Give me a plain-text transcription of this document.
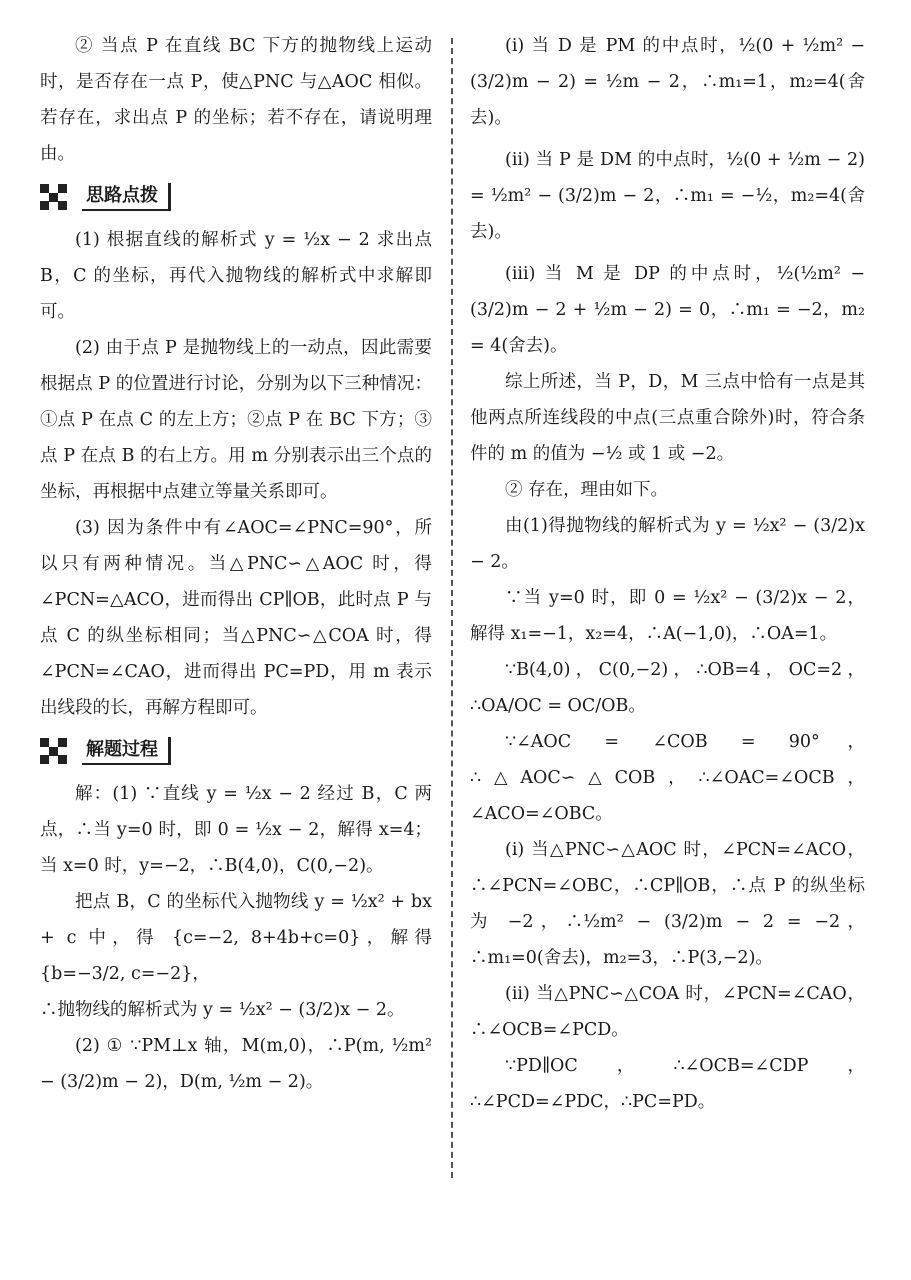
② 当点 P 在直线 BC 下方的抛物线上运动时，是否存在一点 P，使△PNC 与△AOC 相似。若存在，求出点 P 的坐标；若不存在，请说明理由。

思路点拨

(1) 根据直线的解析式 y = ½x − 2 求出点 B，C 的坐标，再代入抛物线的解析式中求解即可。

(2) 由于点 P 是抛物线上的一动点，因此需要根据点 P 的位置进行讨论，分别为以下三种情况：①点 P 在点 C 的左上方；②点 P 在 BC 下方；③点 P 在点 B 的右上方。用 m 分别表示出三个点的坐标，再根据中点建立等量关系即可。

(3) 因为条件中有∠AOC=∠PNC=90°，所以只有两种情况。当△PNC∽△AOC 时，得∠PCN=△ACO，进而得出 CP∥OB，此时点 P 与点 C 的纵坐标相同；当△PNC∽△COA 时，得∠PCN=∠CAO，进而得出 PC=PD，用 m 表示出线段的长，再解方程即可。

解题过程

解：(1) ∵直线 y = ½x − 2 经过 B，C 两点，∴当 y=0 时，即 0 = ½x − 2，解得 x=4；当 x=0 时，y=−2，∴B(4,0)，C(0,−2)。

把点 B，C 的坐标代入抛物线 y = ½x² + bx + c 中，得 {c=−2, 8+4b+c=0}，解得 {b=−3/2, c=−2}，

∴抛物线的解析式为 y = ½x² − (3/2)x − 2。

(2) ① ∵PM⊥x 轴，M(m,0)，∴P(m, ½m² − (3/2)m − 2)，D(m, ½m − 2)。

(i) 当 D 是 PM 的中点时，½(0 + ½m² − (3/2)m − 2) = ½m − 2，∴m₁=1，m₂=4(舍去)。

(ii) 当 P 是 DM 的中点时，½(0 + ½m − 2) = ½m² − (3/2)m − 2，∴m₁ = −½，m₂=4(舍去)。

(iii) 当 M 是 DP 的中点时，½(½m² − (3/2)m − 2 + ½m − 2) = 0，∴m₁ = −2，m₂ = 4(舍去)。

综上所述，当 P，D，M 三点中恰有一点是其他两点所连线段的中点(三点重合除外)时，符合条件的 m 的值为 −½ 或 1 或 −2。

② 存在，理由如下。

由(1)得抛物线的解析式为 y = ½x² − (3/2)x − 2。

∵当 y=0 时，即 0 = ½x² − (3/2)x − 2，解得 x₁=−1，x₂=4，∴A(−1,0)，∴OA=1。

∵B(4,0)，C(0,−2)，∴OB=4，OC=2，∴OA/OC = OC/OB。

∵∠AOC = ∠COB = 90°，∴△AOC∽△COB，∴∠OAC=∠OCB，∠ACO=∠OBC。

(i) 当△PNC∽△AOC 时，∠PCN=∠ACO，∴∠PCN=∠OBC，∴CP∥OB，∴点 P 的纵坐标为 −2，∴½m² − (3/2)m − 2 = −2，∴m₁=0(舍去)，m₂=3，∴P(3,−2)。

(ii) 当△PNC∽△COA 时，∠PCN=∠CAO，∴∠OCB=∠PCD。

∵PD∥OC，∴∠OCB=∠CDP，∴∠PCD=∠PDC，∴PC=PD。
